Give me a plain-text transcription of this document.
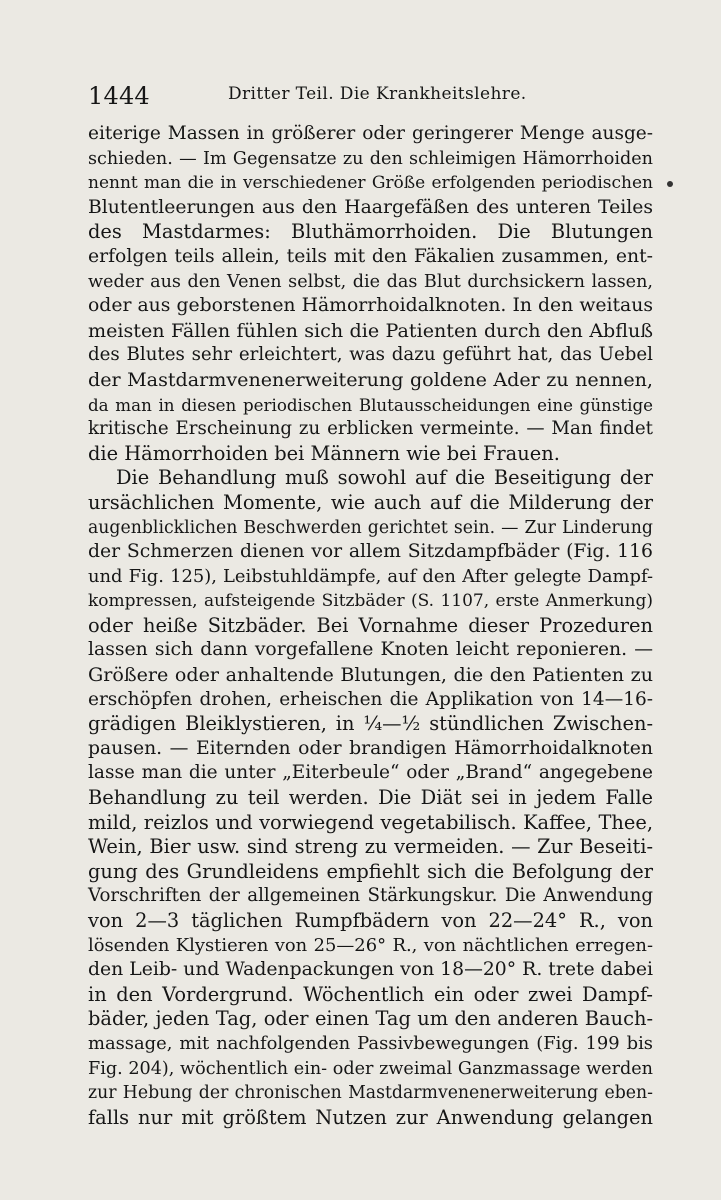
1444	Dritter Teil. Die Krankheitslehre.
eiterige Massen in größerer oder geringerer Menge ausge-
schieden. — Im Gegensatze zu den schleimigen Hämorrhoiden
nennt man die in verschiedener Größe erfolgenden periodischen
Blutentleerungen aus den Haargefäßen des unteren Teiles
des Mastdarmes: Bluthämorrhoiden. Die Blutungen
erfolgen teils allein, teils mit den Fäkalien zusammen, ent-
weder aus den Venen selbst, die das Blut durchsickern lassen,
oder aus geborstenen Hämorrhoidalknoten. In den weitaus
meisten Fällen fühlen sich die Patienten durch den Abfluß
des Blutes sehr erleichtert, was dazu geführt hat, das Uebel
der Mastdarmvenenerweiterung goldene Ader zu nennen,
da man in diesen periodischen Blutausscheidungen eine günstige
kritische Erscheinung zu erblicken vermeinte. — Man findet
die Hämorrhoiden bei Männern wie bei Frauen.
Die Behandlung muß sowohl auf die Beseitigung der
ursächlichen Momente, wie auch auf die Milderung der
augenblicklichen Beschwerden gerichtet sein. — Zur Linderung
der Schmerzen dienen vor allem Sitzdampfbäder (Fig. 116
und Fig. 125), Leibstuhldämpfe, auf den After gelegte Dampf-
kompressen, aufsteigende Sitzbäder (S. 1107, erste Anmerkung)
oder heiße Sitzbäder. Bei Vornahme dieser Prozeduren
lassen sich dann vorgefallene Knoten leicht reponieren. —
Größere oder anhaltende Blutungen, die den Patienten zu
erschöpfen drohen, erheischen die Applikation von 14—16-
grädigen Bleiklystieren, in ¼—½ stündlichen Zwischen-
pausen. — Eiternden oder brandigen Hämorrhoidalknoten
lasse man die unter „Eiterbeule“ oder „Brand“ angegebene
Behandlung zu teil werden. Die Diät sei in jedem Falle
mild, reizlos und vorwiegend vegetabilisch. Kaffee, Thee,
Wein, Bier usw. sind streng zu vermeiden. — Zur Beseiti-
gung des Grundleidens empfiehlt sich die Befolgung der
Vorschriften der allgemeinen Stärkungskur. Die Anwendung
von 2—3 täglichen Rumpfbädern von 22—24° R., von
lösenden Klystieren von 25—26° R., von nächtlichen erregen-
den Leib- und Wadenpackungen von 18—20° R. trete dabei
in den Vordergrund. Wöchentlich ein oder zwei Dampf-
bäder, jeden Tag, oder einen Tag um den anderen Bauch-
massage, mit nachfolgenden Passivbewegungen (Fig. 199 bis
Fig. 204), wöchentlich ein- oder zweimal Ganzmassage werden
zur Hebung der chronischen Mastdarmvenenerweiterung eben-
falls nur mit größtem Nutzen zur Anwendung gelangen
